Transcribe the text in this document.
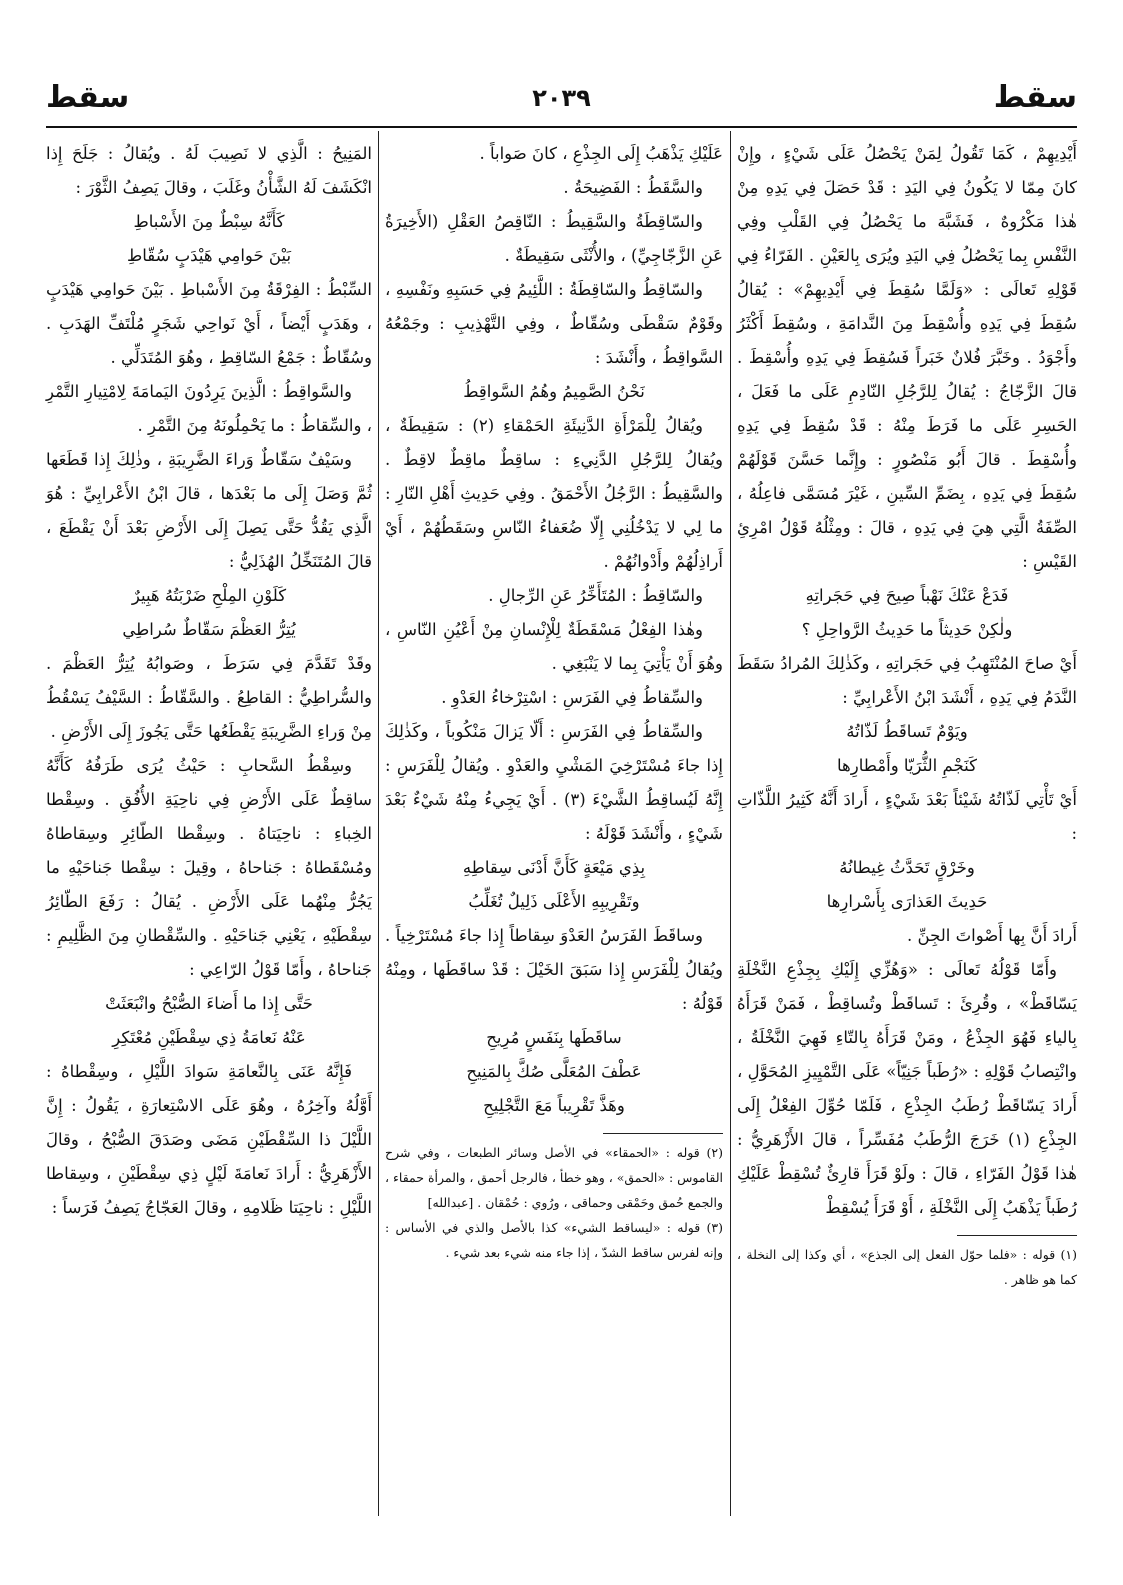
سقط
٢٠٣٩
سقط

أَيْدِيهِمْ ، كَمَا تَقُولُ لِمَنْ يَحْصُلُ عَلَى شَيْءٍ ، وإِنْ كانَ مِمّا لا يَكُونُ فِي اليَدِ : قَدْ حَصَلَ فِي يَدِهِ مِنْ هٰذا مَكْرُوهٌ ، فَشَبَّهَ ما يَحْصُلُ فِي القَلْبِ وفِي النَّفْسِ بِما يَحْصُلُ فِي اليَدِ ويُرَى بِالعَيْنِ . الفَرّاءُ فِي قَوْلِهِ تَعالَى : «وَلَمَّا سُقِطَ فِي أَيْدِيهِمْ» : يُقالُ سُقِطَ فِي يَدِهِ وأُسْقِطَ مِنَ النَّدامَةِ ، وسُقِطَ أَكْثَرُ وأَجْوَدُ . وخَبَّرَ فُلانٌ خَبَراً فَسُقِطَ فِي يَدِهِ وأُسْقِطَ . قالَ الزَّجّاجُ : يُقالُ لِلرَّجُلِ النّادِمِ عَلَى ما فَعَلَ ، الحَسِرِ عَلَى ما فَرَطَ مِنْهُ : قَدْ سُقِطَ فِي يَدِهِ وأُسْقِطَ . قالَ أَبُو مَنْصُورٍ : وإِنَّما حَسَّنَ قَوْلَهُمْ سُقِطَ فِي يَدِهِ ، بِضَمِّ السِّينِ ، غَيْرَ مُسَمَّى فاعِلُهُ ، الصِّفَةُ الَّتِي هِيَ فِي يَدِهِ ، قالَ : ومِثْلُهُ قَوْلُ امْرِئِ القَيْسِ :

فَدَعْ عَنْكَ نَهْباً صِيحَ فِي حَجَراتِهِ

ولٰكِنْ حَدِيثاً ما حَدِيثُ الرَّواحِلِ ؟

أَيْ صاحَ المُنْتَهِبُ فِي حَجَراتِهِ ، وكَذٰلِكَ المُرادُ سَقَطَ النَّدَمُ فِي يَدِهِ ، أَنْشَدَ ابْنُ الأَعْرابِيِّ :

ويَوْمٌ تَساقَطُ لَذّاتُهُ

كَنَجْمِ الثُّرَيّا وأَمْطارِها

أَيْ تَأْتِي لَذّاتُهُ شَيْئاً بَعْدَ شَيْءٍ ، أَرادَ أَنَّهُ كَثِيرُ اللَّذّاتِ :

وخَرْقٍ تَحَدَّثُ غِيطانُهُ

حَدِيثَ العَذارَى بِأَسْرارِها

أَرادَ أَنَّ بِها أَصْواتَ الجِنِّ .

وأَمّا قَوْلُهُ تَعالَى : «وَهُزِّي إِلَيْكِ بِجِذْعِ النَّخْلَةِ يَسّاقَطْ» ، وقُرِئَ : تَساقَطْ وتُساقِطْ ، فَمَنْ قَرَأَهُ بِالياءِ فَهُوَ الجِذْعُ ، ومَنْ قَرَأَهُ بِالتّاءِ فَهِيَ النَّخْلَةُ ، وانْتِصابُ قَوْلِهِ : «رُطَباً جَنِيّاً» عَلَى التَّمْيِيزِ المُحَوَّلِ ، أَرادَ يَسّاقَطْ رُطَبُ الجِذْعِ ، فَلَمّا حُوِّلَ الفِعْلُ إِلَى الجِذْعِ (١) خَرَجَ الرُّطَبُ مُفَسِّراً ، قالَ الأَزْهَرِيُّ : هٰذا قَوْلُ الفَرّاءِ ، قالَ : ولَوْ قَرَأَ قارِئٌ تُسْقِطْ عَلَيْكِ رُطَباً يَذْهَبُ إِلَى النَّخْلَةِ ، أَوْ قَرَأَ يُسْقِطْ

(١) قوله : «فلما حوّل الفعل إلى الجذع» ، أي وكذا إلى النخلة ، كما هو ظاهر .

عَلَيْكِ يَذْهَبُ إِلَى الجِذْعِ ، كانَ صَواباً .

والسَّقَطُ : الفَضِيحَةُ .

والسّاقِطَةُ والسَّقِيطُ : النّاقِصُ العَقْلِ (الأَخِيرَةُ عَنِ الزَّجّاجِيِّ) ، والأُنْثَى سَقِيطَةٌ .

والسّاقِطُ والسّاقِطَةُ : اللَّئِيمُ فِي حَسَبِهِ ونَفْسِهِ ، وقَوْمٌ سَقْطَى وسُقّاطٌ ، وفِي التَّهْذِيبِ : وجَمْعُهُ السَّواقِطُ ، وأَنْشَدَ :

نَحْنُ الصَّمِيمُ وهُمُ السَّواقِطُ

ويُقالُ لِلْمَرْأَةِ الدَّنِيئَةِ الحَمْقاءِ (٢) : سَقِيطَةٌ ، ويُقالُ لِلرَّجُلِ الدَّنِيءِ : ساقِطٌ ماقِطٌ لاقِطٌ . والسَّقِيطُ : الرَّجُلُ الأَحْمَقُ . وفِي حَدِيثِ أَهْلِ النّارِ : ما لِي لا يَدْخُلُنِي إِلّا ضُعَفاءُ النّاسِ وسَقَطُهُمْ ، أَيْ أَراذِلُهُمْ وأَدْوانُهُمْ .

والسّاقِطُ : المُتَأَخِّرُ عَنِ الرِّجالِ .

وهٰذا الفِعْلُ مَسْقَطَةٌ لِلْإِنْسانِ مِنْ أَعْيُنِ النّاسِ ، وهُوَ أَنْ يَأْتِيَ بِما لا يَنْبَغِي .

والسِّقاطُ فِي الفَرَسِ : اسْتِرْخاءُ العَدْوِ .

والسِّقاطُ فِي الفَرَسِ : أَلّا يَزالَ مَنْكُوباً ، وكَذٰلِكَ إِذا جاءَ مُسْتَرْخِيَ المَشْيِ والعَدْوِ . ويُقالُ لِلْفَرَسِ : إِنَّهُ لَيُساقِطُ الشَّيْءَ (٣) . أَيْ يَجِيءُ مِنْهُ شَيْءٌ بَعْدَ شَيْءٍ ، وأَنْشَدَ قَوْلَهُ :

بِذِي مَيْعَةٍ كَأَنَّ أَدْنَى سِقاطِهِ

وتَقْرِيبِهِ الأَعْلَى ذَلِيلٌ تُغَلِّبُ

وساقَطَ الفَرَسُ العَدْوَ سِقاطاً إِذا جاءَ مُسْتَرْخِياً . ويُقالُ لِلْفَرَسِ إِذا سَبَقَ الخَيْلَ : قَدْ ساقَطَها ، ومِنْهُ قَوْلُهُ :

ساقَطَها بِنَفَسٍ مُرِيحِ

عَطْفَ المُعَلَّى صُكَّ بِالمَنِيحِ

وهَذَّ تَقْرِيباً مَعَ التَّجْلِيحِ

(٢) قوله : «الحمقاء» في الأصل وسائر الطبعات ، وفي شرح القاموس : «الحمق» ، وهو خطأ ، فالرجل أحمق ، والمرأة حمقاء ، والجمع حُمق وحَمْقى وحماقى ، ورُوي : حُمْقان . [عبدالله]

(٣) قوله : «ليساقط الشيء» كذا بالأصل والذي في الأساس : وإنه لفرس ساقط الشدّ ، إذا جاء منه شيء بعد شيء .

المَنِيحُ : الَّذِي لا نَصِيبَ لَهُ . ويُقالُ : جَلَحَ إِذا انْكَشَفَ لَهُ الشَّأْنُ وغَلَبَ ، وقالَ يَصِفُ الثَّوْرَ :

كَأَنَّهُ سِبْطٌ مِنَ الأَسْباطِ

بَيْنَ حَوامِي هَيْدَبٍ سُقّاطِ

السِّبْطُ : الفِرْقَةُ مِنَ الأَسْباطِ . بَيْنَ حَوامِي هَيْدَبٍ ، وهَدَبٍ أَيْضاً ، أَيْ نَواحِي شَجَرٍ مُلْتَفِّ الهَدَبِ . وسُقّاطٌ : جَمْعُ السّاقِطِ ، وهُوَ المُتَدَلِّي .

والسَّواقِطُ : الَّذِينَ يَرِدُونَ اليَمامَةَ لِامْتِيارِ التَّمْرِ ، والسِّقاطُ : ما يَحْمِلُونَهُ مِنَ التَّمْرِ .

وسَيْفٌ سَقّاطٌ وَراءَ الضَّرِيبَةِ ، وذٰلِكَ إِذا قَطَعَها ثُمَّ وَصَلَ إِلَى ما بَعْدَها ، قالَ ابْنُ الأَعْرابِيِّ : هُوَ الَّذِي يَقُدُّ حَتَّى يَصِلَ إِلَى الأَرْضِ بَعْدَ أَنْ يَقْطَعَ ، قالَ المُتَنَخِّلُ الهُذَلِيُّ :

كَلَوْنِ المِلْحِ ضَرْبَتُهُ هَبِيرٌ

يُتِرُّ العَظْمَ سَقّاطٌ سُراطِي

وقَدْ تَقَدَّمَ فِي سَرَطَ ، وصَوابُهُ يُتِرُّ العَظْمَ . والسُّراطِيُّ : القاطِعُ . والسَّقّاطُ : السَّيْفُ يَسْقُطُ مِنْ وَراءِ الضَّرِيبَةِ يَقْطَعُها حَتَّى يَجُوزَ إِلَى الأَرْضِ .

وسِقْطُ السَّحابِ : حَيْثُ يُرَى طَرَفُهُ كَأَنَّهُ ساقِطٌ عَلَى الأَرْضِ فِي ناحِيَةِ الأُفُقِ . وسِقْطا الخِباءِ : ناحِيَتاهُ . وسِقْطا الطّائِرِ وسِقاطاهُ ومُسْقَطاهُ : جَناحاهُ ، وقِيلَ : سِقْطا جَناحَيْهِ ما يَجُرُّ مِنْهُما عَلَى الأَرْضِ . يُقالُ : رَفَعَ الطّائِرُ سِقْطَيْهِ ، يَعْنِي جَناحَيْهِ . والسِّقْطانِ مِنَ الظَّلِيمِ : جَناحاهُ ، وأَمّا قَوْلُ الرّاعِي :

حَتَّى إِذا ما أَضاءَ الصُّبْحُ وانْبَعَثَتْ

عَنْهُ نَعامَةُ ذِي سِقْطَيْنِ مُعْتَكِرِ

فَإِنَّهُ عَنَى بِالنَّعامَةِ سَوادَ اللَّيْلِ ، وسِقْطاهُ : أَوَّلُهُ وآخِرُهُ ، وهُوَ عَلَى الاسْتِعارَةِ ، يَقُولُ : إِنَّ اللَّيْلَ ذا السِّقْطَيْنِ مَضَى وصَدَقَ الصُّبْحُ ، وقالَ الأَزْهَرِيُّ : أَرادَ نَعامَةَ لَيْلٍ ذِي سِقْطَيْنِ ، وسِقاطا اللَّيْلِ : ناحِيَتا ظَلامِهِ ، وقالَ العَجّاجُ يَصِفُ فَرَساً :
